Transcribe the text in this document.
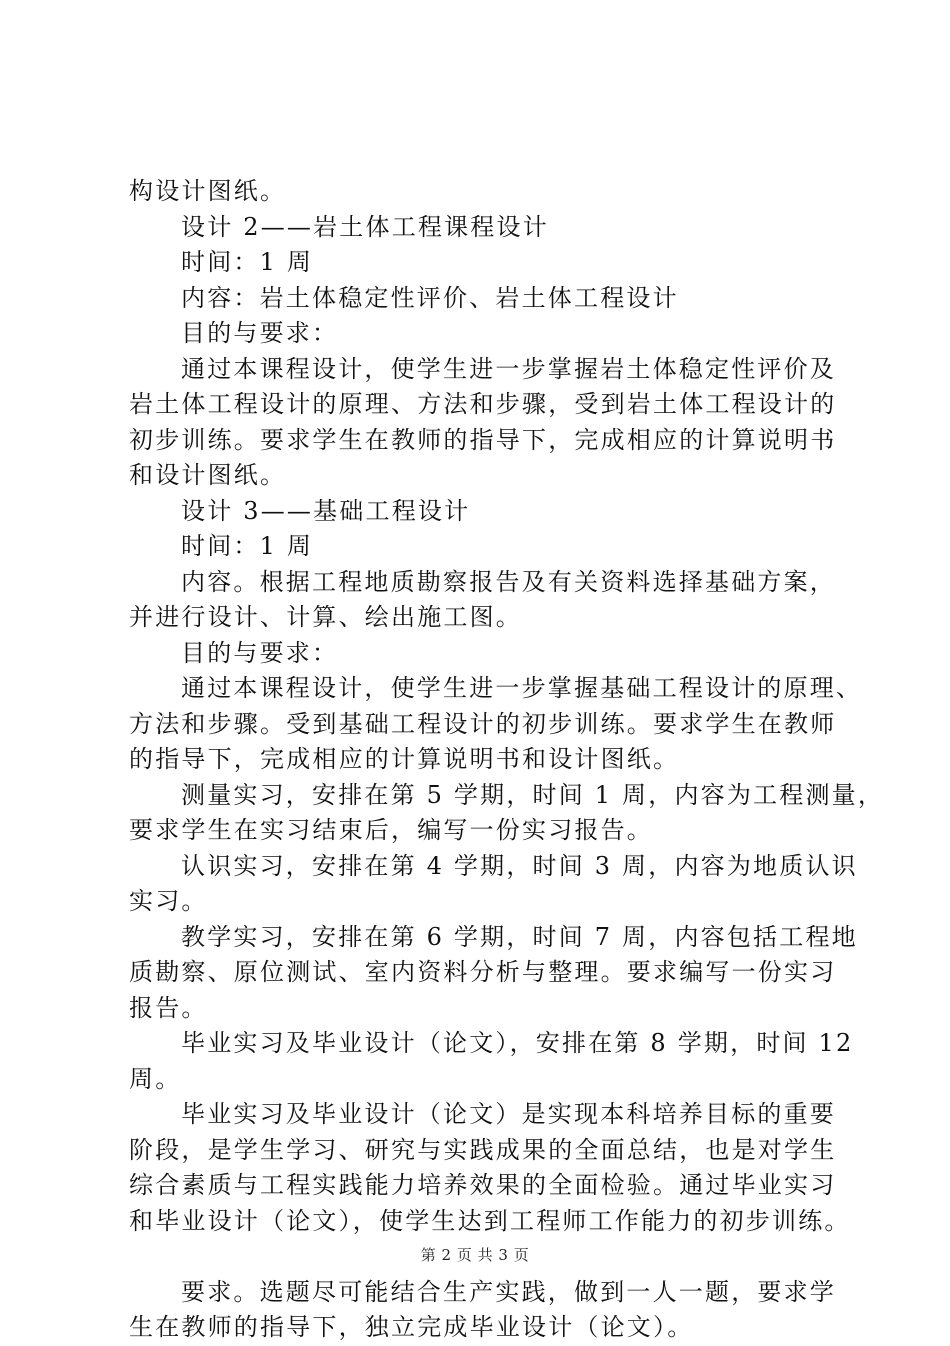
构设计图纸。
设计 2——岩土体工程课程设计
时间：1 周
内容：岩土体稳定性评价、岩土体工程设计
目的与要求：
通过本课程设计，使学生进一步掌握岩土体稳定性评价及
岩土体工程设计的原理、方法和步骤，受到岩土体工程设计的
初步训练。要求学生在教师的指导下，完成相应的计算说明书
和设计图纸。
设计 3——基础工程设计
时间：1 周
内容。根据工程地质勘察报告及有关资料选择基础方案，
并进行设计、计算、绘出施工图。
目的与要求：
通过本课程设计，使学生进一步掌握基础工程设计的原理、
方法和步骤。受到基础工程设计的初步训练。要求学生在教师
的指导下，完成相应的计算说明书和设计图纸。
测量实习，安排在第 5 学期，时间 1 周，内容为工程测量，
要求学生在实习结束后，编写一份实习报告。
认识实习，安排在第 4 学期，时间 3 周，内容为地质认识
实习。
教学实习，安排在第 6 学期，时间 7 周，内容包括工程地
质勘察、原位测试、室内资料分析与整理。要求编写一份实习
报告。
毕业实习及毕业设计（论文），安排在第 8 学期，时间 12
周。
毕业实习及毕业设计（论文）是实现本科培养目标的重要
阶段，是学生学习、研究与实践成果的全面总结，也是对学生
综合素质与工程实践能力培养效果的全面检验。通过毕业实习
和毕业设计（论文），使学生达到工程师工作能力的初步训练。
要求。选题尽可能结合生产实践，做到一人一题，要求学
生在教师的指导下，独立完成毕业设计（论文）。
第 2 页 共 3 页
